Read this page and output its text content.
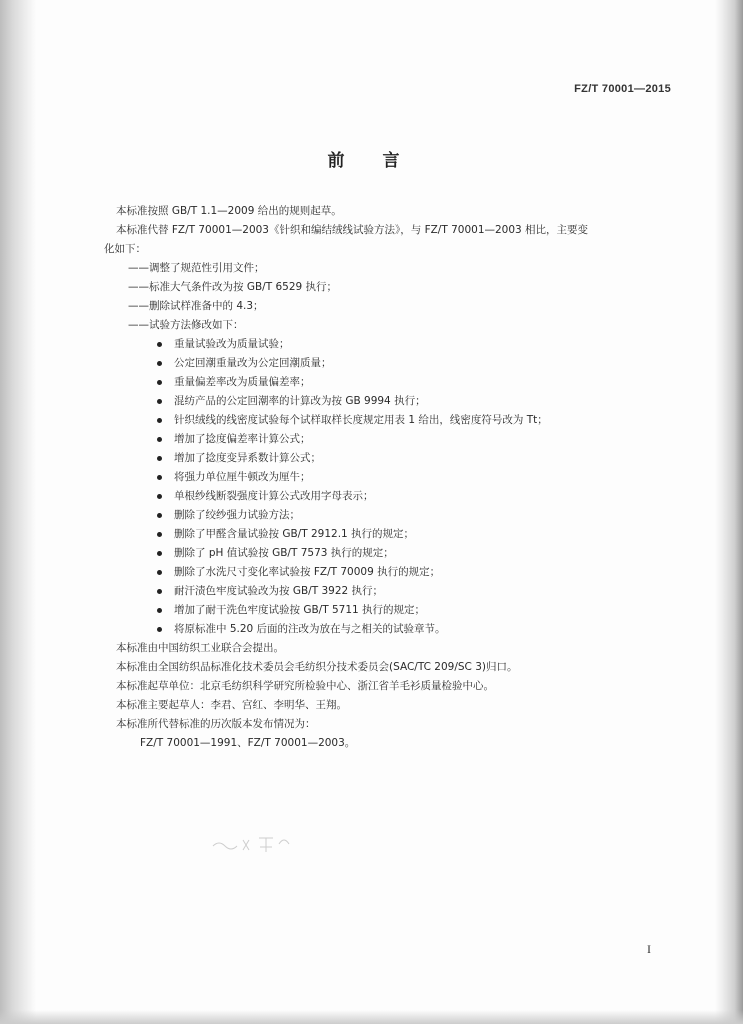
FZ/T 70001—2015
前 言

本标准按照 GB/T 1.1—2009 给出的规则起草。

本标准代替 FZ/T 70001—2003《针织和编结绒线试验方法》，与 FZ/T 70001—2003 相比，主要变

化如下：

——调整了规范性引用文件；

——标准大气条件改为按 GB/T 6529 执行；

——删除试样准备中的 4.3；

——试验方法修改如下：

重量试验改为质量试验；
公定回潮重量改为公定回潮质量；
重量偏差率改为质量偏差率；
混纺产品的公定回潮率的计算改为按 GB 9994 执行；
针织绒线的线密度试验每个试样取样长度规定用表 1 给出，线密度符号改为 Tt；
增加了捻度偏差率计算公式；
增加了捻度变异系数计算公式；
将强力单位厘牛顿改为厘牛；
单根纱线断裂强度计算公式改用字母表示；
删除了绞纱强力试验方法；
删除了甲醛含量试验按 GB/T 2912.1 执行的规定；
删除了 pH 值试验按 GB/T 7573 执行的规定；
删除了水洗尺寸变化率试验按 FZ/T 70009 执行的规定；
耐汗渍色牢度试验改为按 GB/T 3922 执行；
增加了耐干洗色牢度试验按 GB/T 5711 执行的规定；
将原标准中 5.20 后面的注改为放在与之相关的试验章节。

本标准由中国纺织工业联合会提出。

本标准由全国纺织品标准化技术委员会毛纺织分技术委员会(SAC/TC 209/SC 3)归口。

本标准起草单位：北京毛纺织科学研究所检验中心、浙江省羊毛衫质量检验中心。

本标准主要起草人：李君、宫红、李明华、王翔。

本标准所代替标准的历次版本发布情况为：

FZ/T 70001—1991、FZ/T 70001—2003。

I
